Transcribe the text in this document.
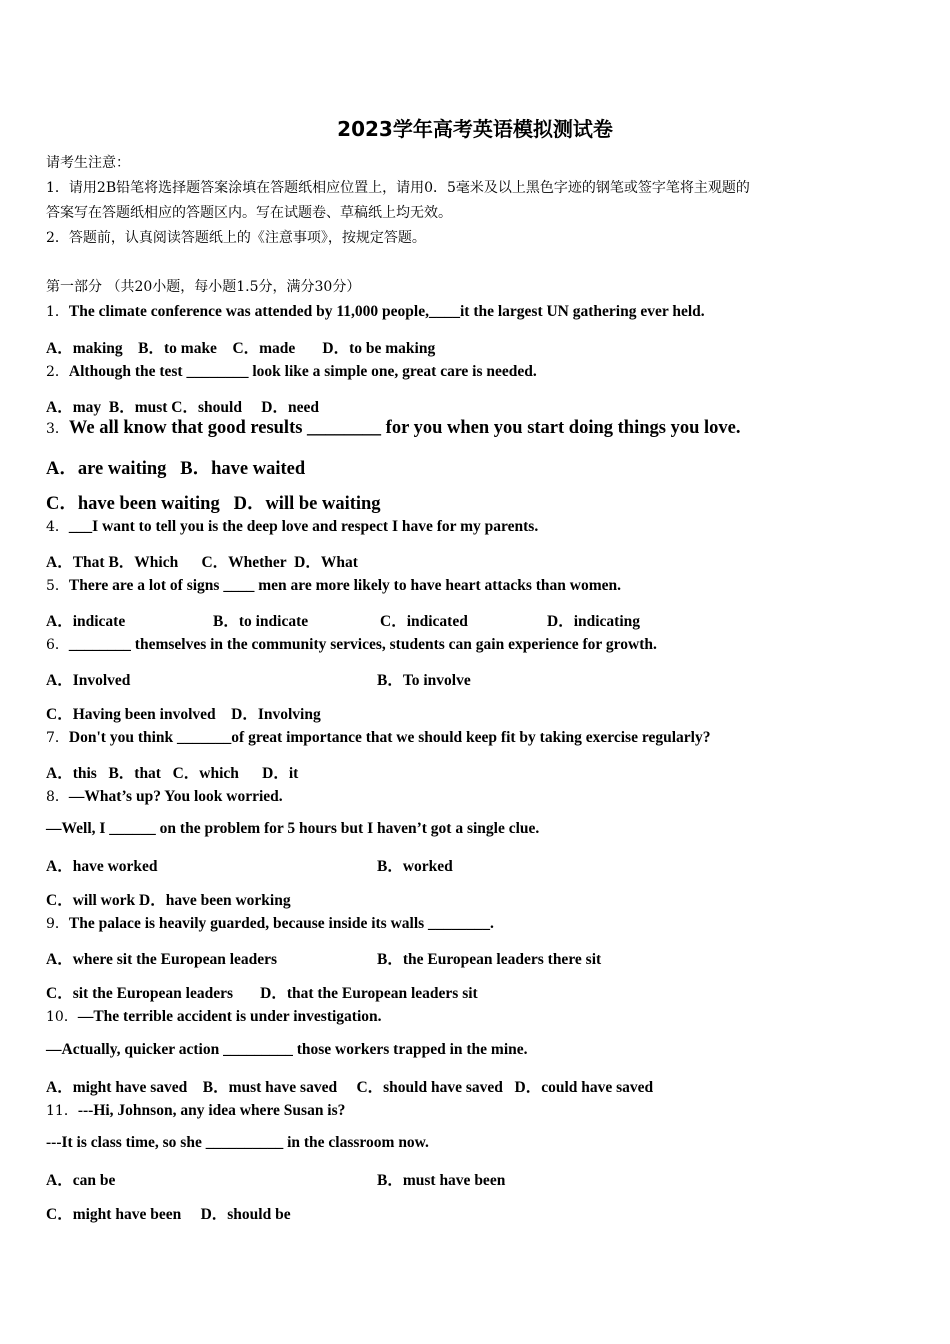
2023学年高考英语模拟测试卷
请考生注意：
1．请用2B铅笔将选择题答案涂填在答题纸相应位置上，请用0．5毫米及以上黑色字迹的钢笔或签字笔将主观题的
答案写在答题纸相应的答题区内。写在试题卷、草稿纸上均无效。
2．答题前，认真阅读答题纸上的《注意事项》，按规定答题。
第一部分 （共20小题，每小题1.5分，满分30分）
1．The climate conference was attended by 11,000 people,____it the largest UN gathering ever held.
A．making    B．to make    C．made       D．to be making
2．Although the test ________ look like a simple one, great care is needed.
A．may  B．must C．should     D．need
3．We all know that good results ________ for you when you start doing things you love.
A．are waiting B．have waited
C．have been waiting D．will be waiting
4．___I want to tell you is the deep love and respect I have for my parents.
A．That B．Which      C．Whether  D．What
5．There are a lot of signs ____ men are more likely to have heart attacks than women.
A．indicate	B．to indicate	C．indicated	D．indicating
6．________ themselves in the community services, students can gain experience for growth.
A．Involved	B．To involve
C．Having been involved    D．Involving
7．Don't you think _______of great importance that we should keep fit by taking exercise regularly?
A．this   B．that   C．which      D．it
8．—What’s up? You look worried.
—Well, I ______ on the problem for 5 hours but I haven’t got a single clue.
A．have worked	B．worked
C．will work D．have been working
9．The palace is heavily guarded, because inside its walls ________.
A．where sit the European leaders	B．the European leaders there sit
C．sit the European leaders       D．that the European leaders sit
10．—The terrible accident is under investigation.
—Actually, quicker action _________ those workers trapped in the mine.
A．might have saved    B．must have saved     C．should have saved   D．could have saved
11．---Hi, Johnson, any idea where Susan is?
---It is class time, so she __________ in the classroom now.
A．can be	B．must have been
C．might have been     D．should be
